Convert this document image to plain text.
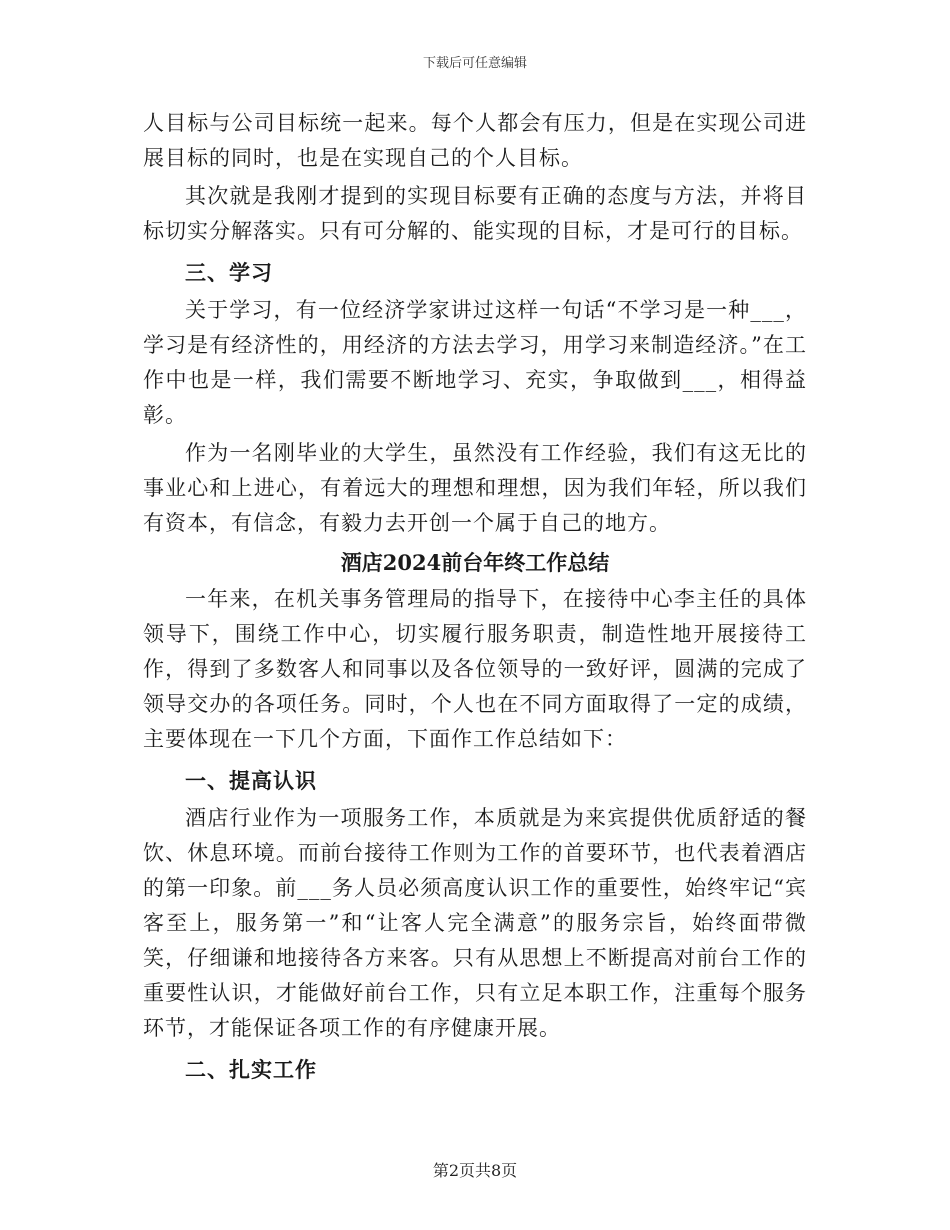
下载后可任意编辑

人目标与公司目标统一起来。每个人都会有压力，但是在实现公司进展目标的同时，也是在实现自己的个人目标。

其次就是我刚才提到的实现目标要有正确的态度与方法，并将目标切实分解落实。只有可分解的、能实现的目标，才是可行的目标。

三、学习

关于学习，有一位经济学家讲过这样一句话“不学习是一种___，学习是有经济性的，用经济的方法去学习，用学习来制造经济。”在工作中也是一样，我们需要不断地学习、充实，争取做到___，相得益彰。

作为一名刚毕业的大学生，虽然没有工作经验，我们有这无比的事业心和上进心，有着远大的理想和理想，因为我们年轻，所以我们有资本，有信念，有毅力去开创一个属于自己的地方。

酒店2024前台年终工作总结

一年来，在机关事务管理局的指导下，在接待中心李主任的具体领导下，围绕工作中心，切实履行服务职责，制造性地开展接待工作，得到了多数客人和同事以及各位领导的一致好评，圆满的完成了领导交办的各项任务。同时，个人也在不同方面取得了一定的成绩，主要体现在一下几个方面，下面作工作总结如下：

一、提高认识

酒店行业作为一项服务工作，本质就是为来宾提供优质舒适的餐饮、休息环境。而前台接待工作则为工作的首要环节，也代表着酒店的第一印象。前___务人员必须高度认识工作的重要性，始终牢记“宾客至上，服务第一”和“让客人完全满意”的服务宗旨，始终面带微笑，仔细谦和地接待各方来客。只有从思想上不断提高对前台工作的重要性认识，才能做好前台工作，只有立足本职工作，注重每个服务环节，才能保证各项工作的有序健康开展。

二、扎实工作
第2页共8页
